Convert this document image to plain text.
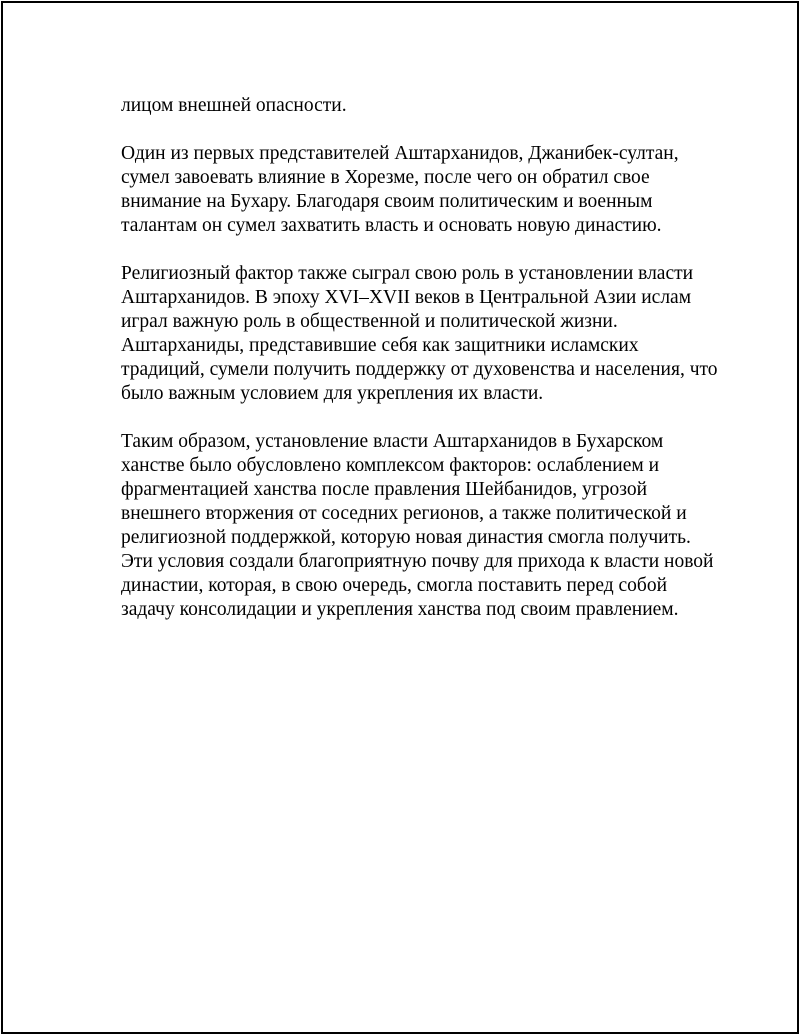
лицом внешней опасности.

Один из первых представителей Аштарханидов, Джанибек-султан,
сумел завоевать влияние в Хорезме, после чего он обратил свое
внимание на Бухару. Благодаря своим политическим и военным
талантам он сумел захватить власть и основать новую династию.

Религиозный фактор также сыграл свою роль в установлении власти
Аштарханидов. В эпоху XVI–XVII веков в Центральной Азии ислам
играл важную роль в общественной и политической жизни.
Аштарханиды, представившие себя как защитники исламских
традиций, сумели получить поддержку от духовенства и населения, что
было важным условием для укрепления их власти.

Таким образом, установление власти Аштарханидов в Бухарском
ханстве было обусловлено комплексом факторов: ослаблением и
фрагментацией ханства после правления Шейбанидов, угрозой
внешнего вторжения от соседних регионов, а также политической и
религиозной поддержкой, которую новая династия смогла получить.
Эти условия создали благоприятную почву для прихода к власти новой
династии, которая, в свою очередь, смогла поставить перед собой
задачу консолидации и укрепления ханства под своим правлением.
